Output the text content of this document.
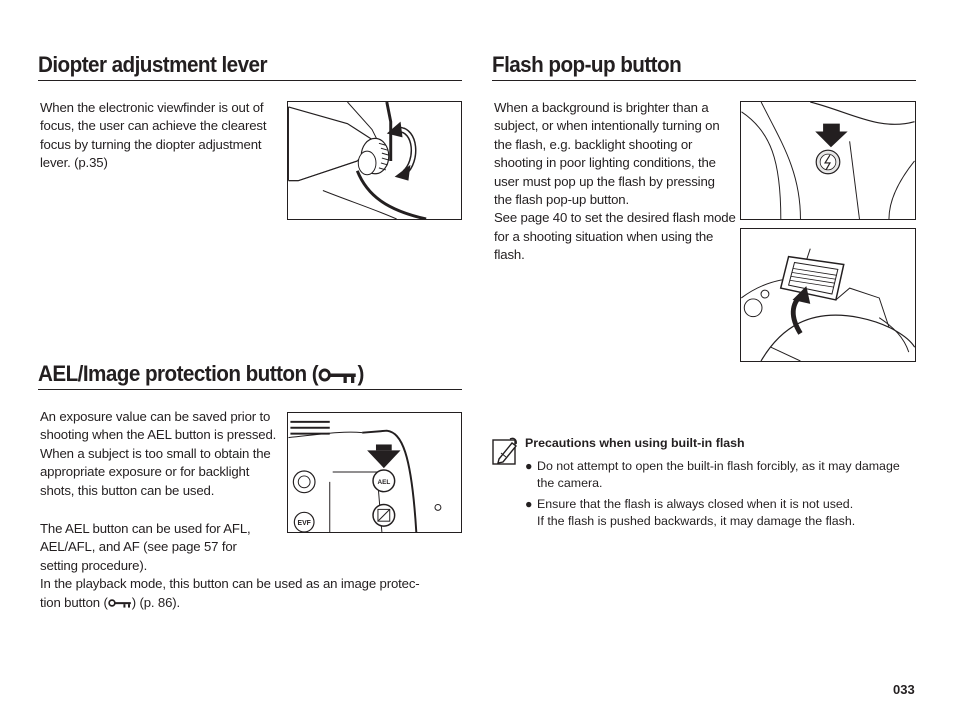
Diopter adjustment lever

When the electronic viewfinder is out of focus, the user can achieve the clearest focus by turning the diopter adjustment lever. (p.35)

Flash pop-up button

When a background is brighter than a subject, or when intentionally turning on the flash, e.g. backlight shooting or shooting in poor lighting conditions, the user must pop up the flash by pressing the flash pop-up button.

See page 40 to set the desired flash mode for a shooting situation when using the flash.

AEL/Image protection button ( )

An exposure value can be saved prior to shooting when the AEL button is pressed. When a subject is too small to obtain the appropriate exposure or for backlight shots, this button can be used.

The AEL button can be used for AFL, AEL/AFL, and AF (see page 57 for setting procedure).

In the playback mode, this button can be used as an image protec-

tion button ( ) (p. 86).

EVF
AEL
Precautions when using built-in flash
● Do not attempt to open the built-in flash forcibly, as it may damage

the camera.

● Ensure that the flash is always closed when it is not used.

If the flash is pushed backwards, it may damage the flash.

033
